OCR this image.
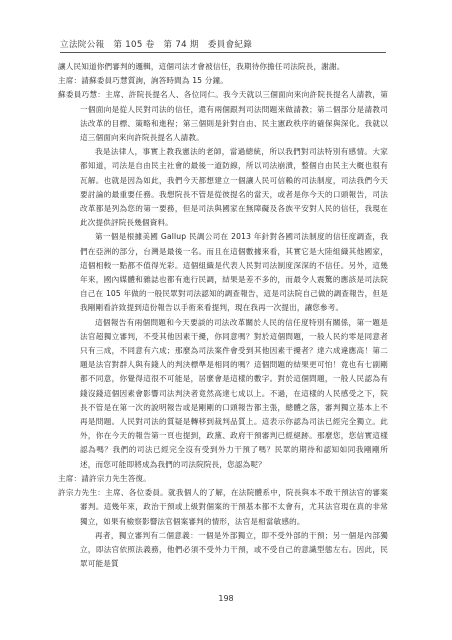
立法院公報　第 105 卷　第 74 期　委員會紀錄

讓人民知道你們審判的邏輯，這個司法才會被信任，我期待你擔任司法院長，謝謝。

主席：請蘇委員巧慧質詢，詢答時間為 15 分鐘。

蘇委員巧慧：主席、許院長提名人、各位同仁。我今天就以三個面向來向許院長提名人請教，第一個面向是從人民對司法的信任，還有兩個跟判司法問題來做請教；第二個部分是請教司法改革的目標、策略和進程；第三個則是針對自由、民主憲政秩序的確保與深化。我就以這三個面向來向許院長提名人請教。

我是法律人，事實上教我憲法的老師，當過總統，所以我們對司法特別有感情。大家都知道，司法是自由民主社會的最後一道防線，所以司法崩潰，整個自由民主大概也很有瓦解。也就是因為如此，我們今天都想建立一個讓人民可信賴的司法制度，司法我們今天要討論的最重要任務。我想院長不管是從彼提名的當天，或者是你今天的口頭報告，司法改革都是列為您的第一要務，但是司法與國家在無障礙及各族平安對人民的信任，我現在此次提供評院長幾個資料。

第一個是根據美國 Gallup 民調公司在 2013 年針對各國司法制度的信任度調查，我們在亞洲的部分，台灣是最後一名。而且在這個數據來看，其實它是大陸組織其他國家，這個相較一點都不值得光彩。這個組織是代表人民對司法制度深深的不信任。另外，這幾年來，國內媒體和雜誌也都有進行民調，結果是差不多的，而最令人震驚的應該是司法院自己在 105 年做的一般民眾對司法認知的調查報告，這是司法院自己做的調查報告，但是我剛剛看許致提到這份報告以手術來看提判，現在我再一次提出，讓您參考。

這個報告有兩個問題和今天要談的司法改革關於人民的信任度特別有關係，第一題是法官超獨立審判，不受其他因素干擾，你同意嗎？對於這個問題，一般人民約零是同意者只有三成，不同意有六成；那麼為司法案件會受到其他因素干擾者？達六成違應高！第二題是法官對群人與有錢人的判決標準是相同的嗎？這個問題的結果更可怕！竟也有七副剛都不同意，你覺得這很不可能是，居麼會是這樣的數字。對於這個問題，一般人民認為有錢沒錢這個因素會影響司法判決者竟然高達七成以上。不過，在這樣的人民感受之下，院長不管是在第一次的說明報告或是剛剛的口頭報告都主張，總體之落，審判獨立基本上不再是問題。人民對司法的質疑是轉移到裁判品質上。這表示你認為司法已經完全獨立。此外，你在今天的報告第一頁也提到，政黨、政府干預審判已經絕跡。那麼您，您信實這樣認為嗎？我們的司法已經完全沒有受到外力干預了嗎？民眾的期待和認知如同我剛剛所述，而您可能即將成為我們的司法院院長，您認為呢？

主席：請許宗力先生答復。

許宗力先生：主席、各位委員。就我個人的了解，在法院體系中，院長與本不敢干預法官的審案審判。這幾年來，政治干預或上級對個案的干預基本都不太會有，尤其法官現在真的非常獨立，如果有檢察影響法官個案審判的情形，法官是相當敏感的。

再者，獨立審判有二個意義：一個是外部獨立，即不受外部的干預；另一個是內部獨立，即法官依照法義務，他們必須不受外力干預，或不受自己的意識型態左右。因此，民眾可能是質

198
